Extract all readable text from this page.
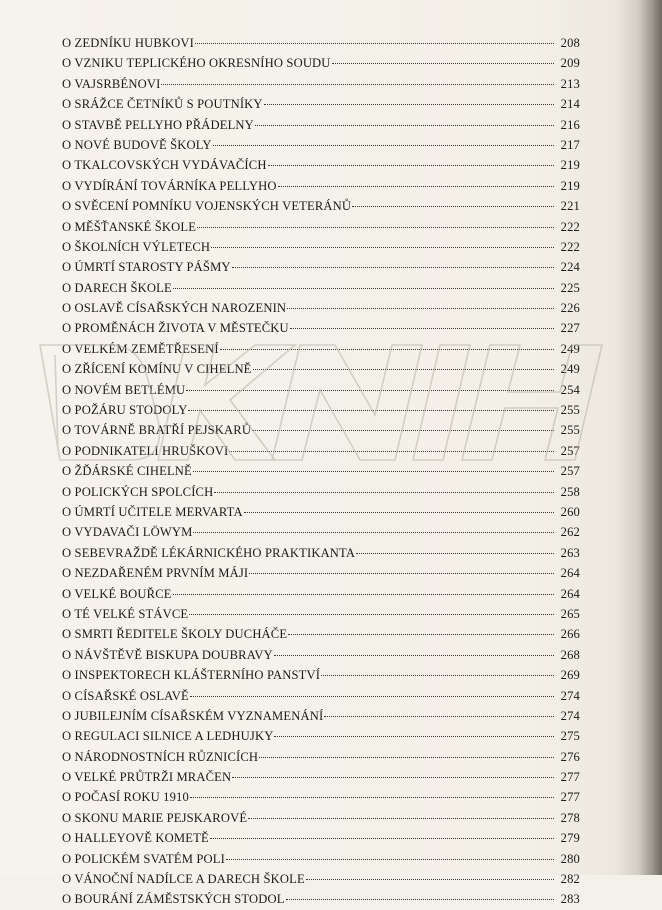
O ZEDNÍKU HUBKOVI	208
O VZNIKU TEPLICKÉHO OKRESNÍHO SOUDU	209
O VAJSRBÉNOVI	213
O SRÁŽCE ČETNÍKŮ S POUTNÍKY	214
O STAVBĚ PELLYHO PŘÁDELNY	216
O NOVÉ BUDOVĚ ŠKOLY	217
O TKALCOVSKÝCH VYDÁVAČÍCH	219
O VYDÍRÁNÍ TOVÁRNÍKA PELLYHO	219
O SVĚCENÍ POMNÍKU VOJENSKÝCH VETERÁNŮ	221
O MĚŠŤANSKÉ ŠKOLE	222
O ŠKOLNÍCH VÝLETECH	222
O ÚMRTÍ STAROSTY PÁŠMY	224
O DARECH ŠKOLE	225
O OSLAVĚ CÍSAŘSKÝCH NAROZENIN	226
O PROMĚNÁCH ŽIVOTA V MĚSTEČKU	227
O VELKÉM ZEMĚTŘESENÍ	249
O ZŘÍCENÍ KOMÍNU V CIHELNĚ	249
O NOVÉM BETLÉMU	254
O POŽÁRU STODOLY	255
O TOVÁRNĚ BRATŘÍ PEJSKARŮ	255
O PODNIKATELI HRUŠKOVI	257
O ŽĎÁRSKÉ CIHELNĚ	257
O POLICKÝCH SPOLCÍCH	258
O ÚMRTÍ UČITELE MERVARTA	260
O VYDAVAČI LÖWYM	262
O SEBEVRAŽDĚ LÉKÁRNICKÉHO PRAKTIKANTA	263
O NEZDAŘENÉM PRVNÍM MÁJI	264
O VELKÉ BOUŘCE	264
O TÉ VELKÉ STÁVCE	265
O SMRTI ŘEDITELE ŠKOLY DUCHÁČE	266
O NÁVŠTĚVĚ BISKUPA DOUBRAVY	268
O INSPEKTORECH KLÁŠTERNÍHO PANSTVÍ	269
O CÍSAŘSKÉ OSLAVĚ	274
O JUBILEJNÍM CÍSAŘSKÉM VYZNAMENÁNÍ	274
O REGULACI SILNICE A LEDHUJKY	275
O NÁRODNOSTNÍCH RŮZNICÍCH	276
O VELKÉ PRŮTRŽI MRAČEN	277
O POČASÍ ROKU 1910	277
O SKONU MARIE PEJSKAROVÉ	278
O HALLEYOVĚ KOMETĚ	279
O POLICKÉM SVATÉM POLI	280
O VÁNOČNÍ NADÍLCE A DARECH ŠKOLE	282
O BOURÁNÍ ZÁMĚSTSKÝCH STODOL	283
